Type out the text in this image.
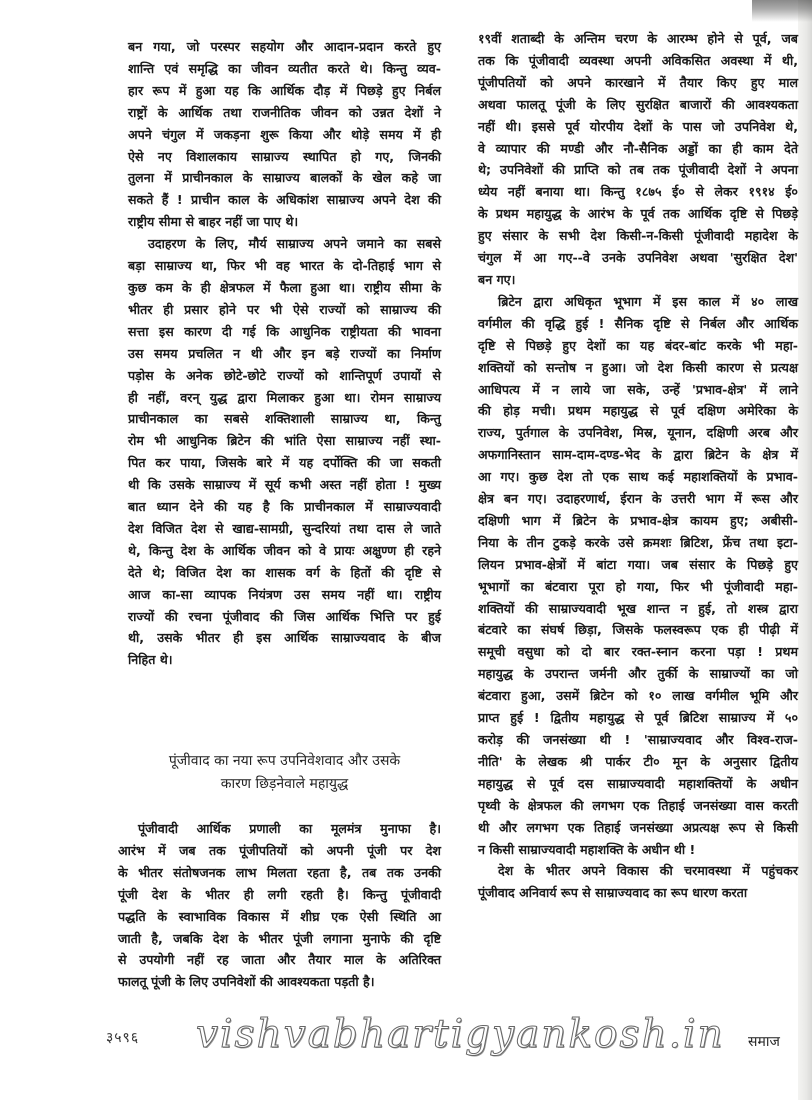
बन गया, जो परस्पर सहयोग और आदान-प्रदान करते हुए
शान्ति एवं समृद्धि का जीवन व्यतीत करते थे। किन्तु व्यव-
हार रूप में हुआ यह कि आर्थिक दौड़ में पिछड़े हुए निर्बल
राष्ट्रों के आर्थिक तथा राजनीतिक जीवन को उन्नत देशों ने
अपने चंगुल में जकड़ना शुरू किया और थोड़े समय में ही
ऐसे नए विशालकाय साम्राज्य स्थापित हो गए, जिनकी
तुलना में प्राचीनकाल के साम्राज्य बालकों के खेल कहे जा
सकते हैं ! प्राचीन काल के अधिकांश साम्राज्य अपने देश की
राष्ट्रीय सीमा से बाहर नहीं जा पाए थे।
उदाहरण के लिए, मौर्य साम्राज्य अपने जमाने का सबसे
बड़ा साम्राज्य था, फिर भी वह भारत के दो-तिहाई भाग से
कुछ कम के ही क्षेत्रफल में फैला हुआ था। राष्ट्रीय सीमा के
भीतर ही प्रसार होने पर भी ऐसे राज्यों को साम्राज्य की
सत्ता इस कारण दी गई कि आधुनिक राष्ट्रीयता की भावना
उस समय प्रचलित न थी और इन बड़े राज्यों का निर्माण
पड़ोस के अनेक छोटे-छोटे राज्यों को शान्तिपूर्ण उपायों से
ही नहीं, वरन् युद्ध द्वारा मिलाकर हुआ था। रोमन साम्राज्य
प्राचीनकाल का सबसे शक्तिशाली साम्राज्य था, किन्तु
रोम भी आधुनिक ब्रिटेन की भांति ऐसा साम्राज्य नहीं स्था-
पित कर पाया, जिसके बारे में यह दर्पोक्ति की जा सकती
थी कि उसके साम्राज्य में सूर्य कभी अस्त नहीं होता ! मुख्य
बात ध्यान देने की यह है कि प्राचीनकाल में साम्राज्यवादी
देश विजित देश से खाद्य-सामग्री, सुन्दरियां तथा दास ले जाते
थे, किन्तु देश के आर्थिक जीवन को वे प्रायः अक्षुण्ण ही रहने
देते थे; विजित देश का शासक वर्ग के हितों की दृष्टि से
आज का-सा व्यापक नियंत्रण उस समय नहीं था। राष्ट्रीय
राज्यों की रचना पूंजीवाद की जिस आर्थिक भित्ति पर हुई
थी, उसके भीतर ही इस आर्थिक साम्राज्यवाद के बीज
निहित थे।
पूंजीवाद का नया रूप उपनिवेशवाद और उसके
कारण छिड़नेवाले महायुद्ध
पूंजीवादी आर्थिक प्रणाली का मूलमंत्र मुनाफा है।
आरंभ में जब तक पूंजीपतियों को अपनी पूंजी पर देश
के भीतर संतोषजनक लाभ मिलता रहता है, तब तक उनकी
पूंजी देश के भीतर ही लगी रहती है। किन्तु पूंजीवादी
पद्धति के स्वाभाविक विकास में शीघ्र एक ऐसी स्थिति आ
जाती है, जबकि देश के भीतर पूंजी लगाना मुनाफे की दृष्टि
से उपयोगी नहीं रह जाता और तैयार माल के अतिरिक्त
फालतू पूंजी के लिए उपनिवेशों की आवश्यकता पड़ती है।
१९वीं शताब्दी के अन्तिम चरण के आरम्भ होने से पूर्व, जब
तक कि पूंजीवादी व्यवस्था अपनी अविकसित अवस्था में थी,
पूंजीपतियों को अपने कारखाने में तैयार किए हुए माल
अथवा फालतू पूंजी के लिए सुरक्षित बाजारों की आवश्यकता
नहीं थी। इससे पूर्व योरपीय देशों के पास जो उपनिवेश थे,
वे व्यापार की मण्डी और नौ-सैनिक अड्डों का ही काम देते
थे; उपनिवेशों की प्राप्ति को तब तक पूंजीवादी देशों ने अपना
ध्येय नहीं बनाया था। किन्तु १८७५ ई० से लेकर १९१४ ई०
के प्रथम महायुद्ध के आरंभ के पूर्व तक आर्थिक दृष्टि से पिछड़े
हुए संसार के सभी देश किसी-न-किसी पूंजीवादी महादेश के
चंगुल में आ गए--वे उनके उपनिवेश अथवा 'सुरक्षित देश'
बन गए।
ब्रिटेन द्वारा अधिकृत भूभाग में इस काल में ४० लाख
वर्गमील की वृद्धि हुई ! सैनिक दृष्टि से निर्बल और आर्थिक
दृष्टि से पिछड़े हुए देशों का यह बंदर-बांट करके भी महा-
शक्तियों को सन्तोष न हुआ। जो देश किसी कारण से प्रत्यक्ष
आधिपत्य में न लाये जा सके, उन्हें 'प्रभाव-क्षेत्र' में लाने
की होड़ मची। प्रथम महायुद्ध से पूर्व दक्षिण अमेरिका के
राज्य, पुर्तगाल के उपनिवेश, मिस्र, यूनान, दक्षिणी अरब और
अफगानिस्तान साम-दाम-दण्ड-भेद के द्वारा ब्रिटेन के क्षेत्र में
आ गए। कुछ देश तो एक साथ कई महाशक्तियों के प्रभाव-
क्षेत्र बन गए। उदाहरणार्थ, ईरान के उत्तरी भाग में रूस और
दक्षिणी भाग में ब्रिटेन के प्रभाव-क्षेत्र कायम हुए; अबीसी-
निया के तीन टुकड़े करके उसे क्रमशः ब्रिटिश, फ्रेंच तथा इटा-
लियन प्रभाव-क्षेत्रों में बांटा गया। जब संसार के पिछड़े हुए
भूभागों का बंटवारा पूरा हो गया, फिर भी पूंजीवादी महा-
शक्तियों की साम्राज्यवादी भूख शान्त न हुई, तो शस्त्र द्वारा
बंटवारे का संघर्ष छिड़ा, जिसके फलस्वरूप एक ही पीढ़ी में
समूची वसुधा को दो बार रक्त-स्नान करना पड़ा ! प्रथम
महायुद्ध के उपरान्त जर्मनी और तुर्की के साम्राज्यों का जो
बंटवारा हुआ, उसमें ब्रिटेन को १० लाख वर्गमील भूमि और
प्राप्त हुई ! द्वितीय महायुद्ध से पूर्व ब्रिटिश साम्राज्य में ५०
करोड़ की जनसंख्या थी ! 'साम्राज्यवाद और विश्व-राज-
नीति' के लेखक श्री पार्कर टी० मून के अनुसार द्वितीय
महायुद्ध से पूर्व दस साम्राज्यवादी महाशक्तियों के अधीन
पृथ्वी के क्षेत्रफल की लगभग एक तिहाई जनसंख्या वास करती
थी और लगभग एक तिहाई जनसंख्या अप्रत्यक्ष रूप से किसी
न किसी साम्राज्यवादी महाशक्ति के अधीन थी !
देश के भीतर अपने विकास की चरमावस्था में पहुंचकर
पूंजीवाद अनिवार्य रूप से साम्राज्यवाद का रूप धारण करता
३५९६ vishvabhartigyankosh.in समाज
